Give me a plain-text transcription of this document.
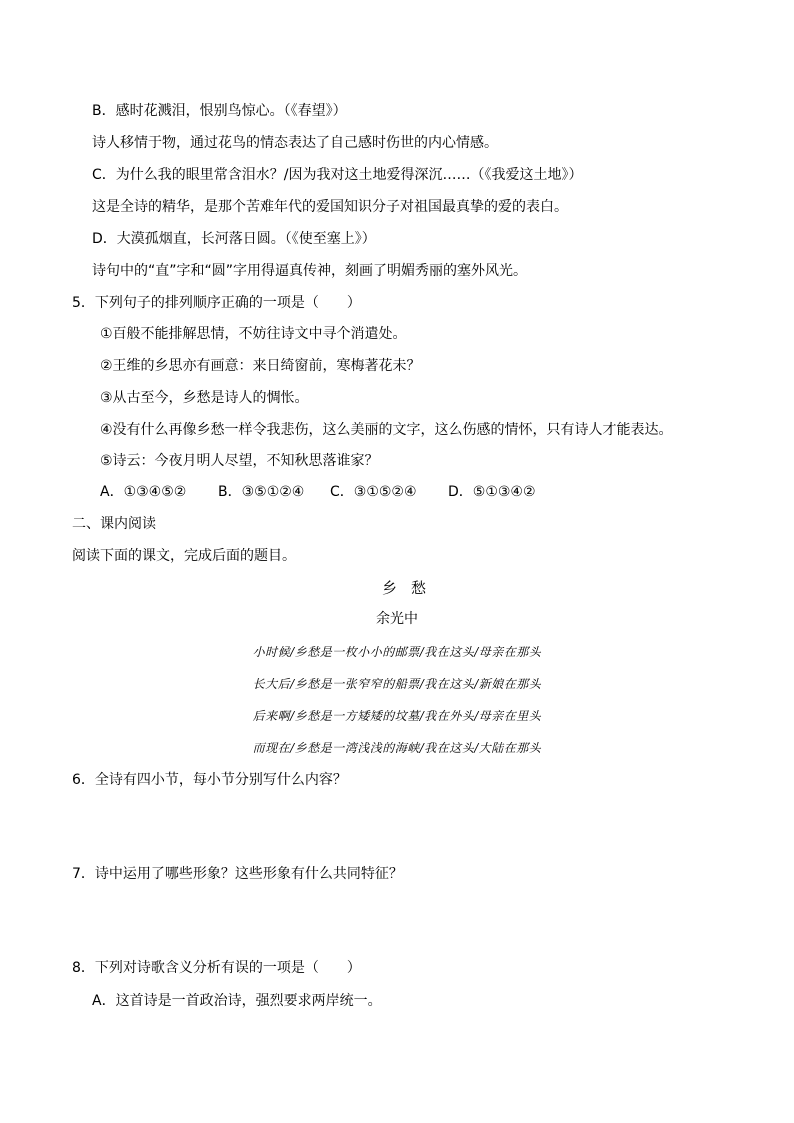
B．感时花溅泪，恨别鸟惊心。（《春望》）
诗人移情于物，通过花鸟的情态表达了自己感时伤世的内心情感。
C．为什么我的眼里常含泪水？/因为我对这土地爱得深沉……（《我爱这土地》）
这是全诗的精华，是那个苦难年代的爱国知识分子对祖国最真挚的爱的表白。
D．大漠孤烟直，长河落日圆。（《使至塞上》）
诗句中的“直”字和“圆”字用得逼真传神，刻画了明媚秀丽的塞外风光。
5．下列句子的排列顺序正确的一项是（　　）
①百般不能排解思情，不妨往诗文中寻个消遣处。
②王维的乡思亦有画意：来日绮窗前，寒梅著花未？
③从古至今，乡愁是诗人的惆怅。
④没有什么再像乡愁一样令我悲伤，这么美丽的文字，这么伤感的情怀，只有诗人才能表达。
⑤诗云：今夜月明人尽望，不知秋思落谁家？
A．①③④⑤② B．③⑤①②④ C．③①⑤②④ D．⑤①③④②
二、课内阅读
阅读下面的课文，完成后面的题目。
乡愁
余光中
小时候/乡愁是一枚小小的邮票/我在这头/母亲在那头
长大后/乡愁是一张窄窄的船票/我在这头/新娘在那头
后来啊/乡愁是一方矮矮的坟墓/我在外头/母亲在里头
而现在/乡愁是一湾浅浅的海峡/我在这头/大陆在那头
6．全诗有四小节，每小节分别写什么内容？
7．诗中运用了哪些形象？这些形象有什么共同特征？
8．下列对诗歌含义分析有误的一项是（　　）
A．这首诗是一首政治诗，强烈要求两岸统一。
